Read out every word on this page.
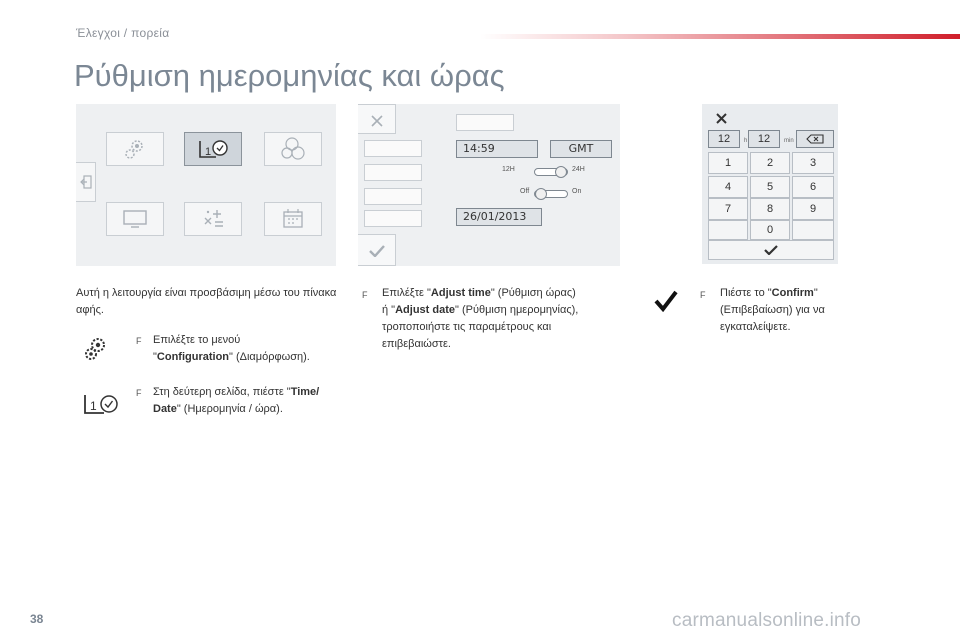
Έλεγχοι / πορεία
Ρύθμιση ημερομηνίας και ώρας
1	14:59	GMT
12H	24H
Off	On
26/01/2013
12	h 12	min
1	2	3
4	5	6
7	8	9
0
Αυτή η λειτουργία είναι προσβάσιμη μέσω του πίνακα αφής.
F Επιλέξτε το μενού
"Configuration" (Διαμόρφωση).
1
F Στη δεύτερη σελίδα, πιέστε "Time/
Date" (Ημερομηνία / ώρα).
F Επιλέξτε "Adjust time" (Ρύθμιση ώρας)
ή "Adjust date" (Ρύθμιση ημερομηνίας),
τροποποιήστε τις παραμέτρους και
επιβεβαιώστε.
F Πιέστε το "Confirm"
(Επιβεβαίωση) για να
εγκαταλείψετε.
38	carmanualsonline.info
